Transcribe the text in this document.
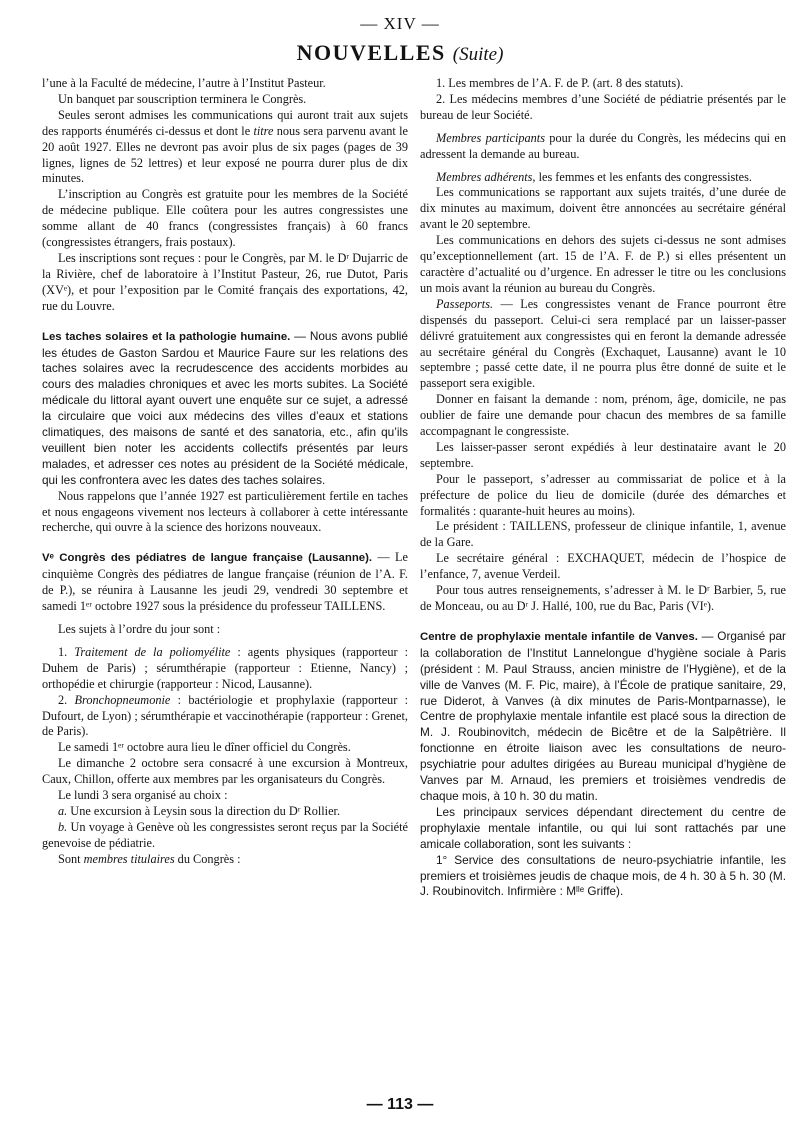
— XIV —
NOUVELLES (Suite)

l’une à la Faculté de médecine, l’autre à l’Institut Pasteur.

Un banquet par souscription terminera le Congrès.

Seules seront admises les communications qui auront trait aux sujets des rapports énumérés ci-dessus et dont le titre nous sera parvenu avant le 20 août 1927. Elles ne devront pas avoir plus de six pages (pages de 39 lignes, lignes de 52 lettres) et leur exposé ne pourra durer plus de dix minutes.

L’inscription au Congrès est gratuite pour les membres de la Société de médecine publique. Elle coûtera pour les autres congressistes une somme allant de 40 francs (congressistes français) à 60 francs (congressistes étrangers, frais postaux).

Les inscriptions sont reçues : pour le Congrès, par M. le Dʳ Dujarric de la Rivière, chef de laboratoire à l’Institut Pasteur, 26, rue Dutot, Paris (XVᵉ), et pour l’exposition par le Comité français des exportations, 42, rue du Louvre.

Les taches solaires et la pathologie humaine. — Nous avons publié les études de Gaston Sardou et Maurice Faure sur les relations des taches solaires avec la recrudescence des accidents morbides au cours des maladies chroniques et avec les morts subites. La Société médicale du littoral ayant ouvert une enquête sur ce sujet, a adressé la circulaire que voici aux médecins des villes d’eaux et stations climatiques, des maisons de santé et des sanatoria, etc., afin qu’ils veuillent bien noter les accidents collectifs présentés par leurs malades, et adresser ces notes au président de la Société médicale, qui les confrontera avec les dates des taches solaires.

Nous rappelons que l’année 1927 est particulièrement fertile en taches et nous engageons vivement nos lecteurs à collaborer à cette intéressante recherche, qui ouvre à la science des horizons nouveaux.

Vᵉ Congrès des pédiatres de langue française (Lausanne). — Le cinquième Congrès des pédiatres de langue française (réunion de l’A. F. de P.), se réunira à Lausanne les jeudi 29, vendredi 30 septembre et samedi 1ᵉʳ octobre 1927 sous la présidence du professeur TAILLENS.

Les sujets à l’ordre du jour sont :

1. Traitement de la poliomyélite : agents physiques (rapporteur : Duhem de Paris) ; sérumthérapie (rapporteur : Etienne, Nancy) ; orthopédie et chirurgie (rapporteur : Nicod, Lausanne).

2. Bronchopneumonie : bactériologie et prophylaxie (rapporteur : Dufourt, de Lyon) ; sérumthérapie et vaccinothérapie (rapporteur : Grenet, de Paris).

Le samedi 1ᵉʳ octobre aura lieu le dîner officiel du Congrès.

Le dimanche 2 octobre sera consacré à une excursion à Montreux, Caux, Chillon, offerte aux membres par les organisateurs du Congrès.

Le lundi 3 sera organisé au choix :

a. Une excursion à Leysin sous la direction du Dʳ Rollier.

b. Un voyage à Genève où les congressistes seront reçus par la Société genevoise de pédiatrie.

Sont membres titulaires du Congrès :

1. Les membres de l’A. F. de P. (art. 8 des statuts).

2. Les médecins membres d’une Société de pédiatrie présentés par le bureau de leur Société.

Membres participants pour la durée du Congrès, les médecins qui en adressent la demande au bureau.

Membres adhérents, les femmes et les enfants des congressistes.

Les communications se rapportant aux sujets traités, d’une durée de dix minutes au maximum, doivent être annoncées au secrétaire général avant le 20 septembre.

Les communications en dehors des sujets ci-dessus ne sont admises qu’exceptionnellement (art. 15 de l’A. F. de P.) si elles présentent un caractère d’actualité ou d’urgence. En adresser le titre ou les conclusions un mois avant la réunion au bureau du Congrès.

Passeports. — Les congressistes venant de France pourront être dispensés du passeport. Celui-ci sera remplacé par un laisser-passer délivré gratuitement aux congressistes qui en feront la demande adressée au secrétaire général du Congrès (Exchaquet, Lausanne) avant le 10 septembre ; passé cette date, il ne pourra plus être donné de suite et le passeport sera exigible.

Donner en faisant la demande : nom, prénom, âge, domicile, ne pas oublier de faire une demande pour chacun des membres de sa famille accompagnant le congressiste.

Les laisser-passer seront expédiés à leur destinataire avant le 20 septembre.

Pour le passeport, s’adresser au commissariat de police et à la préfecture de police du lieu de domicile (durée des démarches et formalités : quarante-huit heures au moins).

Le président : TAILLENS, professeur de clinique infantile, 1, avenue de la Gare.

Le secrétaire général : EXCHAQUET, médecin de l’hospice de l’enfance, 7, avenue Verdeil.

Pour tous autres renseignements, s’adresser à M. le Dʳ Barbier, 5, rue de Monceau, ou au Dʳ J. Hallé, 100, rue du Bac, Paris (VIᵉ).

Centre de prophylaxie mentale infantile de Vanves. — Organisé par la collaboration de l’Institut Lannelongue d’hygiène sociale à Paris (président : M. Paul Strauss, ancien ministre de l’Hygiène), et de la ville de Vanves (M. F. Pic, maire), à l’École de pratique sanitaire, 29, rue Diderot, à Vanves (à dix minutes de Paris-Montparnasse), le Centre de prophylaxie mentale infantile est placé sous la direction de M. J. Roubinovitch, médecin de Bicêtre et de la Salpêtrière. Il fonctionne en étroite liaison avec les consultations de neuro-psychiatrie pour adultes dirigées au Bureau municipal d’hygiène de Vanves par M. Arnaud, les premiers et troisièmes vendredis de chaque mois, à 10 h. 30 du matin.

Les principaux services dépendant directement du centre de prophylaxie mentale infantile, ou qui lui sont rattachés par une amicale collaboration, sont les suivants :

1° Service des consultations de neuro-psychiatrie infantile, les premiers et troisièmes jeudis de chaque mois, de 4 h. 30 à 5 h. 30 (M. J. Roubinovitch. Infirmière : Mˡˡᵉ Griffe).

— 113 —
